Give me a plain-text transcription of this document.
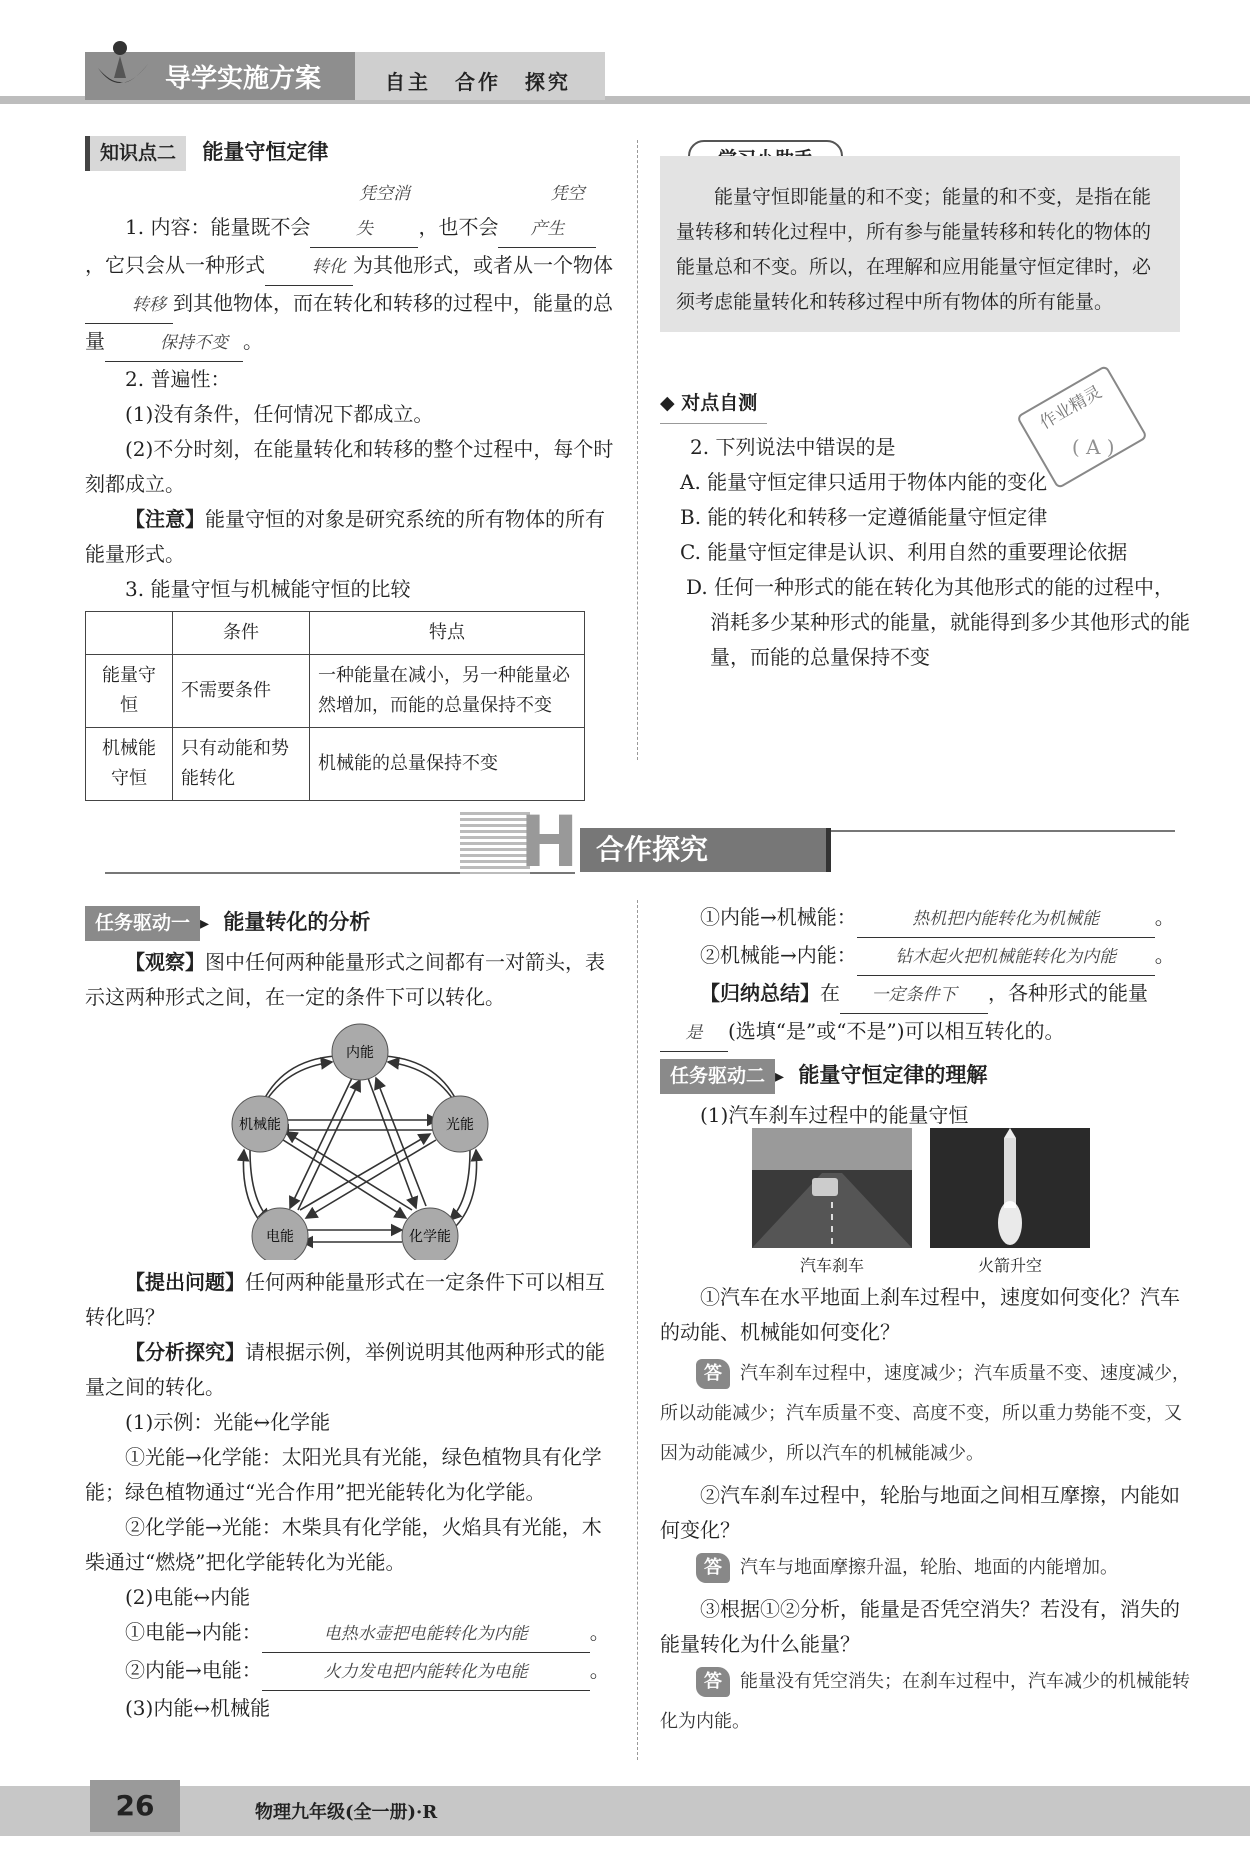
导学实施方案	自主 合作 探究
知识点二 能量守恒定律

1. 内容：能量既不会凭空消失 ，也不会凭空产生，它只会从一种形式	转化 为其他形式，或者从一个物体转移 到其他物体，而在转化和转移的过程中，能量的总量	保持不变 。

2. 普遍性：

(1)没有条件，任何情况下都成立。

(2)不分时刻，在能量转化和转移的整个过程中，每个时刻都成立。

【注意】能量守恒的对象是研究系统的所有物体的所有能量形式。

3. 能量守恒与机械能守恒的比较

	条件	特点
能量守恒	不需要条件	一种能量在减小，另一种能量必然增加，而能的总量保持不变
机械能守恒	只有动能和势能转化	机械能的总量保持不变

能量守恒即能量的和不变；能量的和不变，是指在能量转移和转化过程中，所有参与能量转移和转化的物体的能量总和不变。所以，在理解和应用能量守恒定律时，必须考虑能量转化和转移过程中所有物体的所有能量。

◆ 对点自测

2. 下列说法中错误的是

A. 能量守恒定律只适用于物体内能的变化

B. 能的转化和转移一定遵循能量守恒定律

C. 能量守恒定律是认识、利用自然的重要理论依据

D. 任何一种形式的能在转化为其他形式的能的过程中，消耗多少某种形式的能量，就能得到多少其他形式的能量，而能的总量保持不变

作业精灵
H 合作探究
任务驱动一 ▸ 能量转化的分析

【观察】图中任何两种能量形式之间都有一对箭头，表示这两种形式之间，在一定的条件下可以转化。

内能
机械能	光能
电能	化学能

【提出问题】任何两种能量形式在一定条件下可以相互转化吗？

【分析探究】请根据示例，举例说明其他两种形式的能量之间的转化。

(1)示例：光能↔化学能

①光能→化学能：太阳光具有光能，绿色植物具有化学能；绿色植物通过“光合作用”把光能转化为化学能。

②化学能→光能：木柴具有化学能，火焰具有光能，木柴通过“燃烧”把化学能转化为光能。

(2)电能↔内能

①电能→内能：	电热水壶把电能转化为内能	。

②内能→电能：	火力发电把内能转化为电能	。

(3)内能↔机械能

①内能→机械能：	热机把内能转化为机械能	。

②机械能→内能： 钻木起火把机械能转化为内能 。

【归纳总结】在 一定条件下 ，各种形式的能量是 (选填“是”或“不是”)可以相互转化的。

任务驱动二 ▸ 能量守恒定律的理解

(1)汽车刹车过程中的能量守恒

汽车刹车	火箭升空

①汽车在水平地面上刹车过程中，速度如何变化？汽车的动能、机械能如何变化？

答 汽车刹车过程中，速度减少；汽车质量不变、速度减少，所以动能减少；汽车质量不变、高度不变，所以重力势能不变，又因为动能减少，所以汽车的机械能减少。

②汽车刹车过程中，轮胎与地面之间相互摩擦，内能如何变化？

答 汽车与地面摩擦升温，轮胎、地面的内能增加。

③根据①②分析，能量是否凭空消失？若没有，消失的能量转化为什么能量？

答 能量没有凭空消失；在刹车过程中，汽车减少的机械能转化为内能。

26	物理九年级(全一册)·R
